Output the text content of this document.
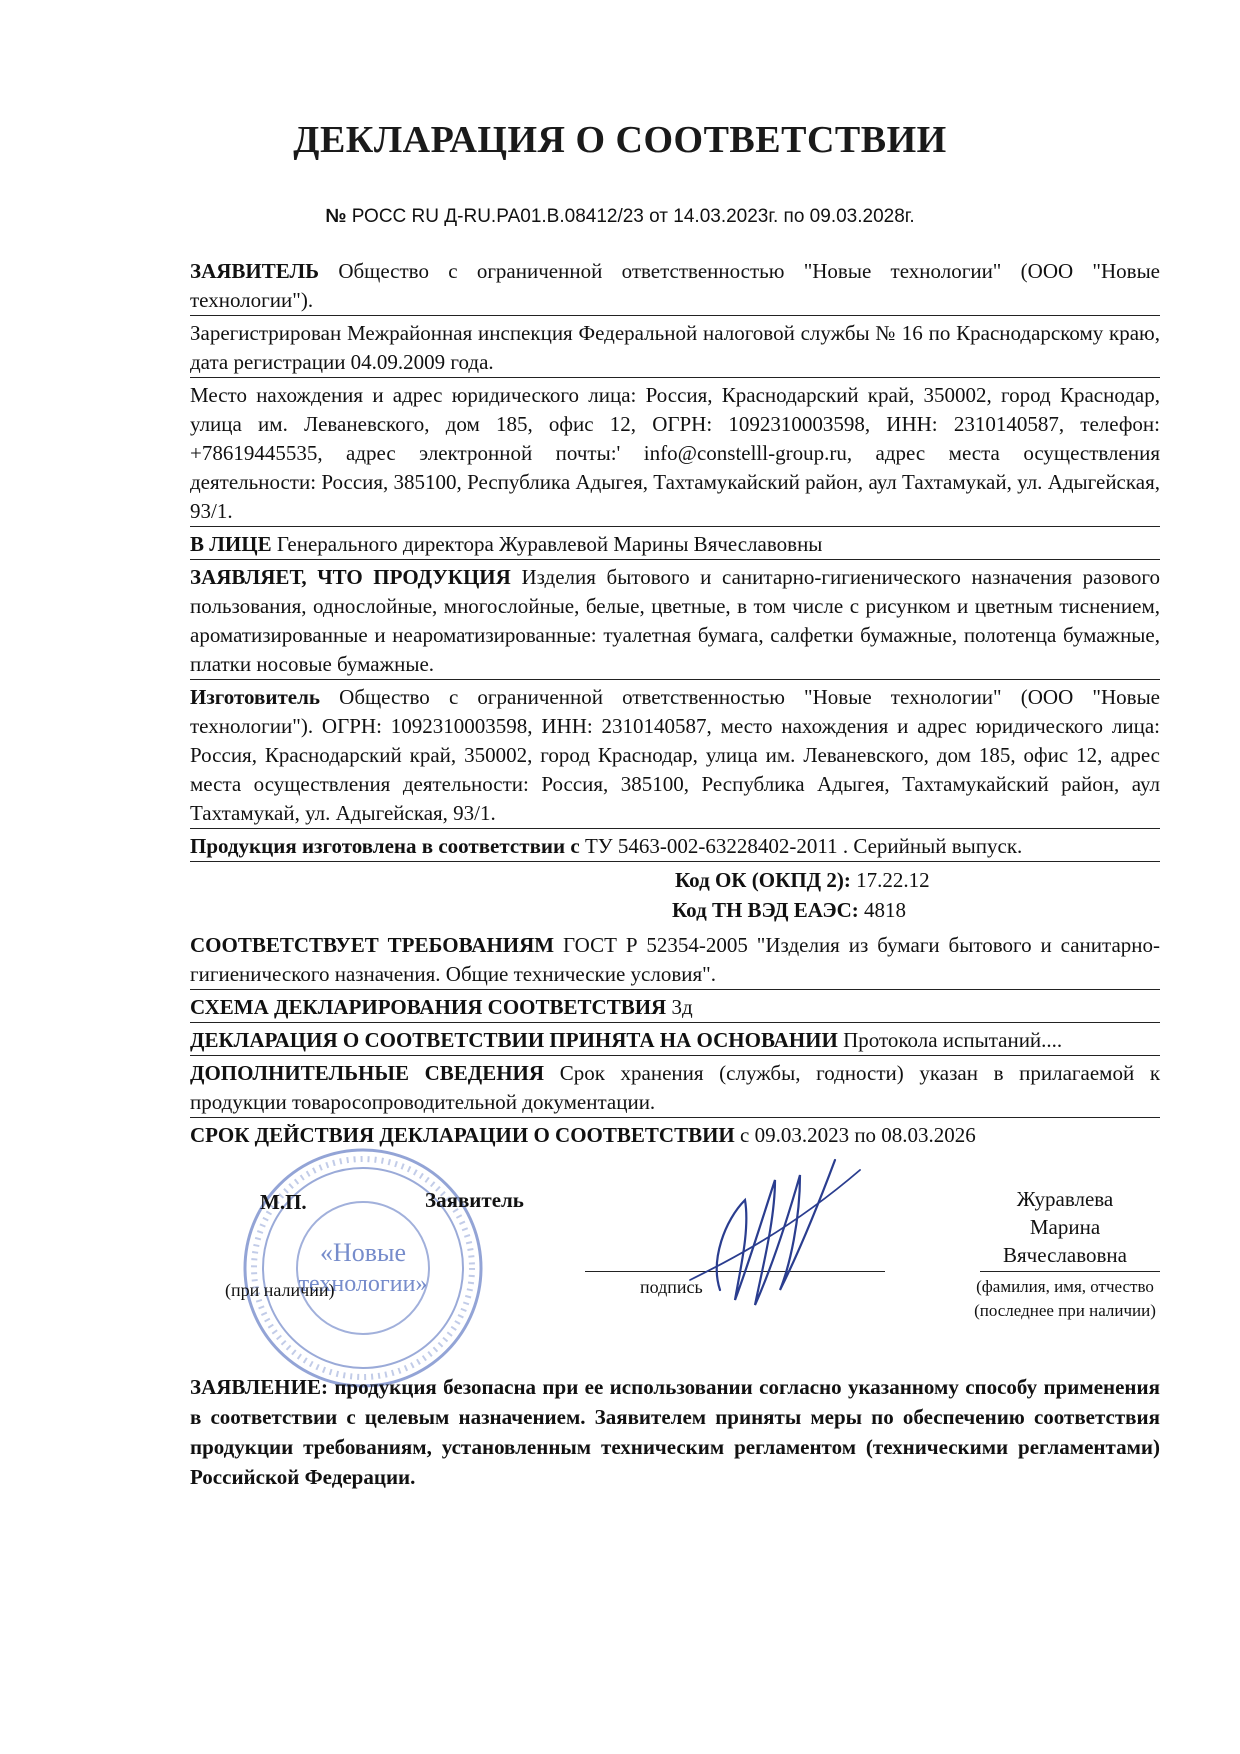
ДЕКЛАРАЦИЯ О СООТВЕТСТВИИ
№ РОСС RU Д-RU.РА01.В.08412/23 от 14.03.2023г. по 09.03.2028г.

ЗАЯВИТЕЛЬ Общество с ограниченной ответственностью "Новые технологии" (ООО "Новые технологии").

Зарегистрирован Межрайонная инспекция Федеральной налоговой службы № 16 по Краснодарскому краю, дата регистрации 04.09.2009 года.

Место нахождения и адрес юридического лица: Россия, Краснодарский край, 350002, город Краснодар, улица им. Леваневского, дом 185, офис 12, ОГРН: 1092310003598, ИНН: 2310140587, телефон: +78619445535, адрес электронной почты:' info@constelll-group.ru, адрес места осуществления деятельности: Россия, 385100, Республика Адыгея, Тахтамукайский район, аул Тахтамукай, ул. Адыгейская, 93/1.

В ЛИЦЕ Генерального директора Журавлевой Марины Вячеславовны

ЗАЯВЛЯЕТ, ЧТО ПРОДУКЦИЯ Изделия бытового и санитарно-гигиенического назначения разового пользования, однослойные, многослойные, белые, цветные, в том числе с рисунком и цветным тиснением, ароматизированные и неароматизированные: туалетная бумага, салфетки бумажные, полотенца бумажные, платки носовые бумажные.

Изготовитель Общество с ограниченной ответственностью "Новые технологии" (ООО "Новые технологии"). ОГРН: 1092310003598, ИНН: 2310140587, место нахождения и адрес юридического лица: Россия, Краснодарский край, 350002, город Краснодар, улица им. Леваневского, дом 185, офис 12, адрес места осуществления деятельности: Россия, 385100, Республика Адыгея, Тахтамукайский район, аул Тахтамукай, ул. Адыгейская, 93/1.

Продукция изготовлена в соответствии с ТУ 5463-002-63228402-2011 . Серийный выпуск.

Код ОК (ОКПД 2): 17.22.12
Код ТН ВЭД ЕАЭС: 4818

СООТВЕТСТВУЕТ ТРЕБОВАНИЯМ ГОСТ Р 52354-2005 "Изделия из бумаги бытового и санитарно-гигиенического назначения. Общие технические условия".

СХЕМА ДЕКЛАРИРОВАНИЯ СООТВЕТСТВИЯ 3д

ДЕКЛАРАЦИЯ О СООТВЕТСТВИИ ПРИНЯТА НА ОСНОВАНИИ Протокола испытаний....

ДОПОЛНИТЕЛЬНЫЕ СВЕДЕНИЯ Срок хранения (службы, годности) указан в прилагаемой к продукции товаросопроводительной документации.

СРОК ДЕЙСТВИЯ ДЕКЛАРАЦИИ О СООТВЕТСТВИИ с 09.03.2023 по 08.03.2026

«Новые
технологии»
М.П.	Заявитель
(при наличии)	подпись
Журавлева
Марина
Вячеславовна
(фамилия, имя, отчество (последнее при наличии)
ЗАЯВЛЕНИЕ: продукция безопасна при ее использовании согласно указанному способу применения в соответствии с целевым назначением. Заявителем приняты меры по обеспечению соответствия продукции требованиям, установленным техническим регламентом (техническими регламентами) Российской Федерации.
